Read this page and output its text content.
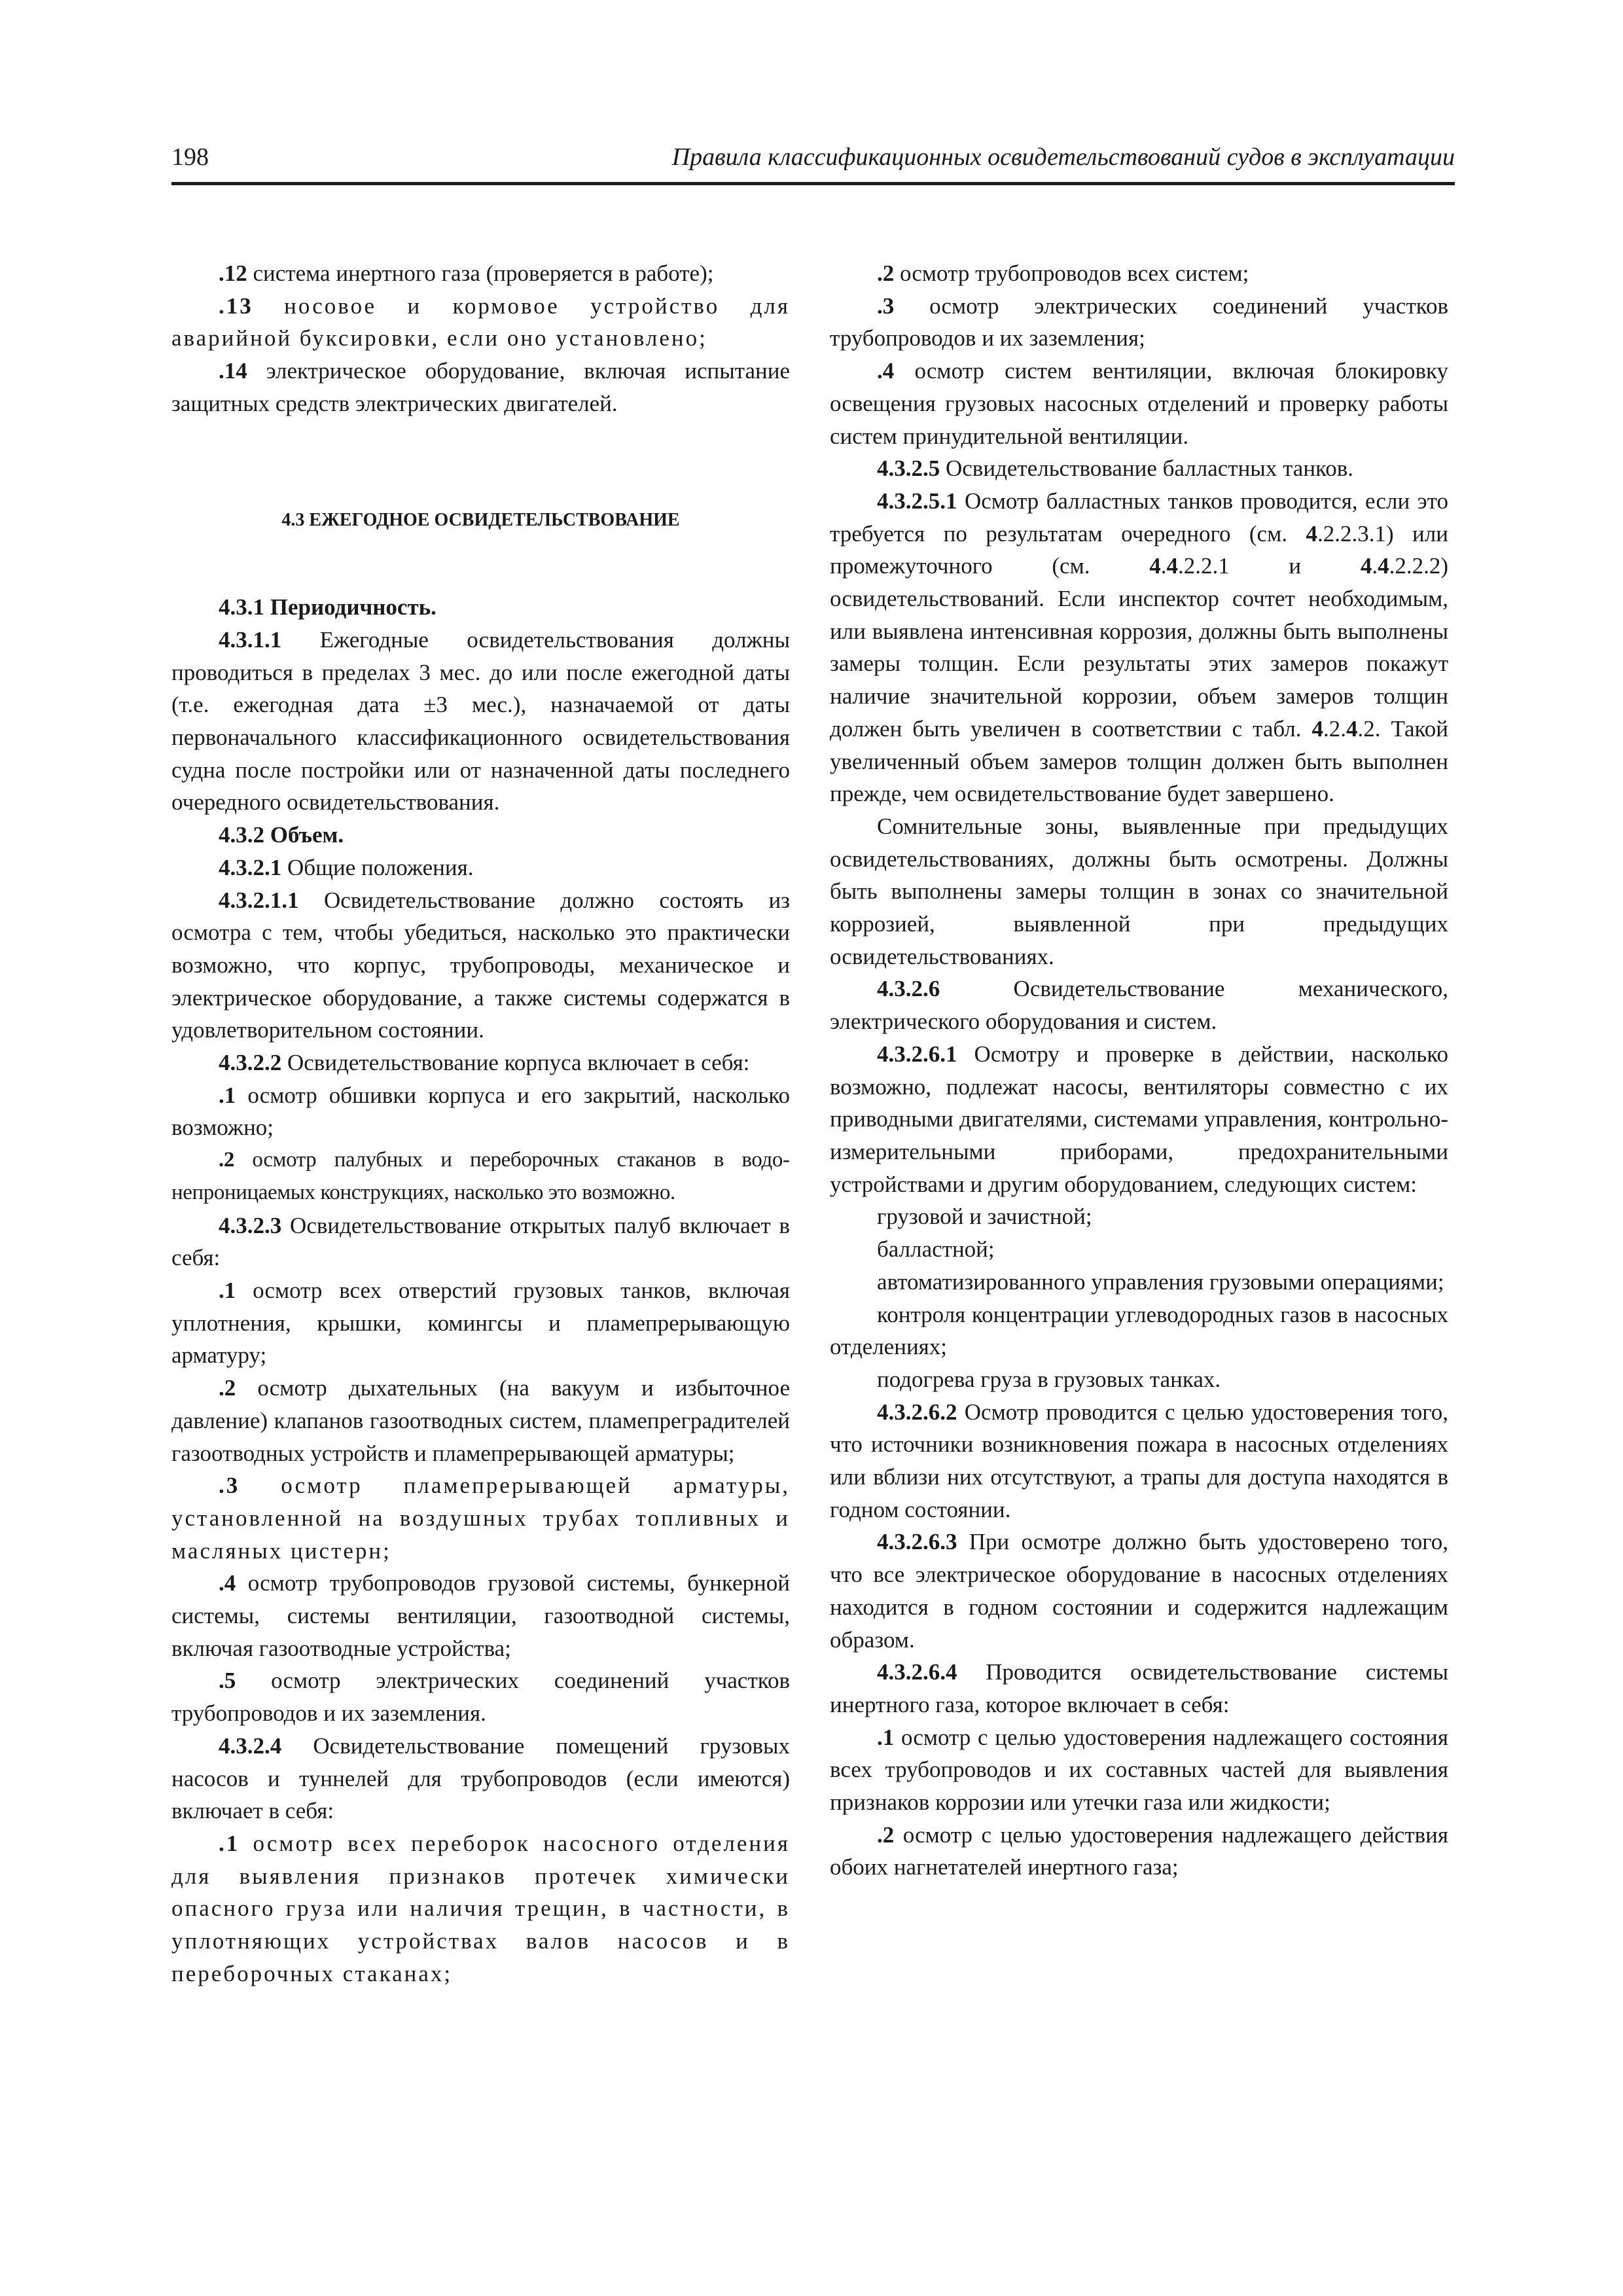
198	Правила классификационных освидетельствований судов в эксплуатации

.12 система инертного газа (проверяется в работе);

.13 носовое и кормовое устройство для аварийной буксировки, если оно установлено;

.14 электрическое оборудование, включая испытание защитных средств электрических двигателей.

4.3 ЕЖЕГОДНОЕ ОСВИДЕТЕЛЬСТВОВАНИЕ

4.3.1 Периодичность.

4.3.1.1 Ежегодные освидетельствования должны проводиться в пределах 3 мес. до или после ежегодной даты (т.е. ежегодная дата ±3 мес.), назначаемой от даты первоначального классификационного освидетельствования судна после постройки или от назначенной даты последнего очередного освидетельствования.

4.3.2 Объем.

4.3.2.1 Общие положения.

4.3.2.1.1 Освидетельствование должно состоять из осмотра с тем, чтобы убедиться, насколько это практически возможно, что корпус, трубопроводы, механическое и электрическое оборудование, а также системы содержатся в удовлетворительном состоянии.

4.3.2.2 Освидетельствование корпуса включает в себя:

.1 осмотр обшивки корпуса и его закрытий, насколько возможно;

.2 осмотр палубных и переборочных стаканов в водонепроницаемых конструкциях, насколько это возможно.

4.3.2.3 Освидетельствование открытых палуб включает в себя:

.1 осмотр всех отверстий грузовых танков, включая уплотнения, крышки, комингсы и пламепрерывающую арматуру;

.2 осмотр дыхательных (на вакуум и избыточное давление) клапанов газоотводных систем, пламепреградителей газоотводных устройств и пламепрерывающей арматуры;

.3 осмотр пламепрерывающей арматуры, установленной на воздушных трубах топливных и масляных цистерн;

.4 осмотр трубопроводов грузовой системы, бункерной системы, системы вентиляции, газоотводной системы, включая газоотводные устройства;

.5 осмотр электрических соединений участков трубопроводов и их заземления.

4.3.2.4 Освидетельствование помещений грузовых насосов и туннелей для трубопроводов (если имеются) включает в себя:

.1 осмотр всех переборок насосного отделения для выявления признаков протечек химически опасного груза или наличия трещин, в частности, в уплотняющих устройствах валов насосов и в переборочных стаканах;

.2 осмотр трубопроводов всех систем;

.3 осмотр электрических соединений участков трубопроводов и их заземления;

.4 осмотр систем вентиляции, включая блокировку освещения грузовых насосных отделений и проверку работы систем принудительной вентиляции.

4.3.2.5 Освидетельствование балластных танков.

4.3.2.5.1 Осмотр балластных танков проводится, если это требуется по результатам очередного (см. 4.2.2.3.1) или промежуточного (см. 4.4.2.2.1 и 4.4.2.2.2) освидетельствований. Если инспектор сочтет необходимым, или выявлена интенсивная коррозия, должны быть выполнены замеры толщин. Если результаты этих замеров покажут наличие значительной коррозии, объем замеров толщин должен быть увеличен в соответствии с табл. 4.2.4.2. Такой увеличенный объем замеров толщин должен быть выполнен прежде, чем освидетельствование будет завершено.

Сомнительные зоны, выявленные при предыдущих освидетельствованиях, должны быть осмотрены. Должны быть выполнены замеры толщин в зонах со значительной коррозией, выявленной при предыдущих освидетельствованиях.

4.3.2.6 Освидетельствование механического, электрического оборудования и систем.

4.3.2.6.1 Осмотру и проверке в действии, насколько возможно, подлежат насосы, вентиляторы совместно с их приводными двигателями, системами управления, контрольно-измерительными приборами, предохранительными устройствами и другим оборудованием, следующих систем:

грузовой и зачистной;

балластной;

автоматизированного управления грузовыми операциями;

контроля концентрации углеводородных газов в насосных отделениях;

подогрева груза в грузовых танках.

4.3.2.6.2 Осмотр проводится с целью удостоверения того, что источники возникновения пожара в насосных отделениях или вблизи них отсутствуют, а трапы для доступа находятся в годном состоянии.

4.3.2.6.3 При осмотре должно быть удостоверено того, что все электрическое оборудование в насосных отделениях находится в годном состоянии и содержится надлежащим образом.

4.3.2.6.4 Проводится освидетельствование системы инертного газа, которое включает в себя:

.1 осмотр с целью удостоверения надлежащего состояния всех трубопроводов и их составных частей для выявления признаков коррозии или утечки газа или жидкости;

.2 осмотр с целью удостоверения надлежащего действия обоих нагнетателей инертного газа;
